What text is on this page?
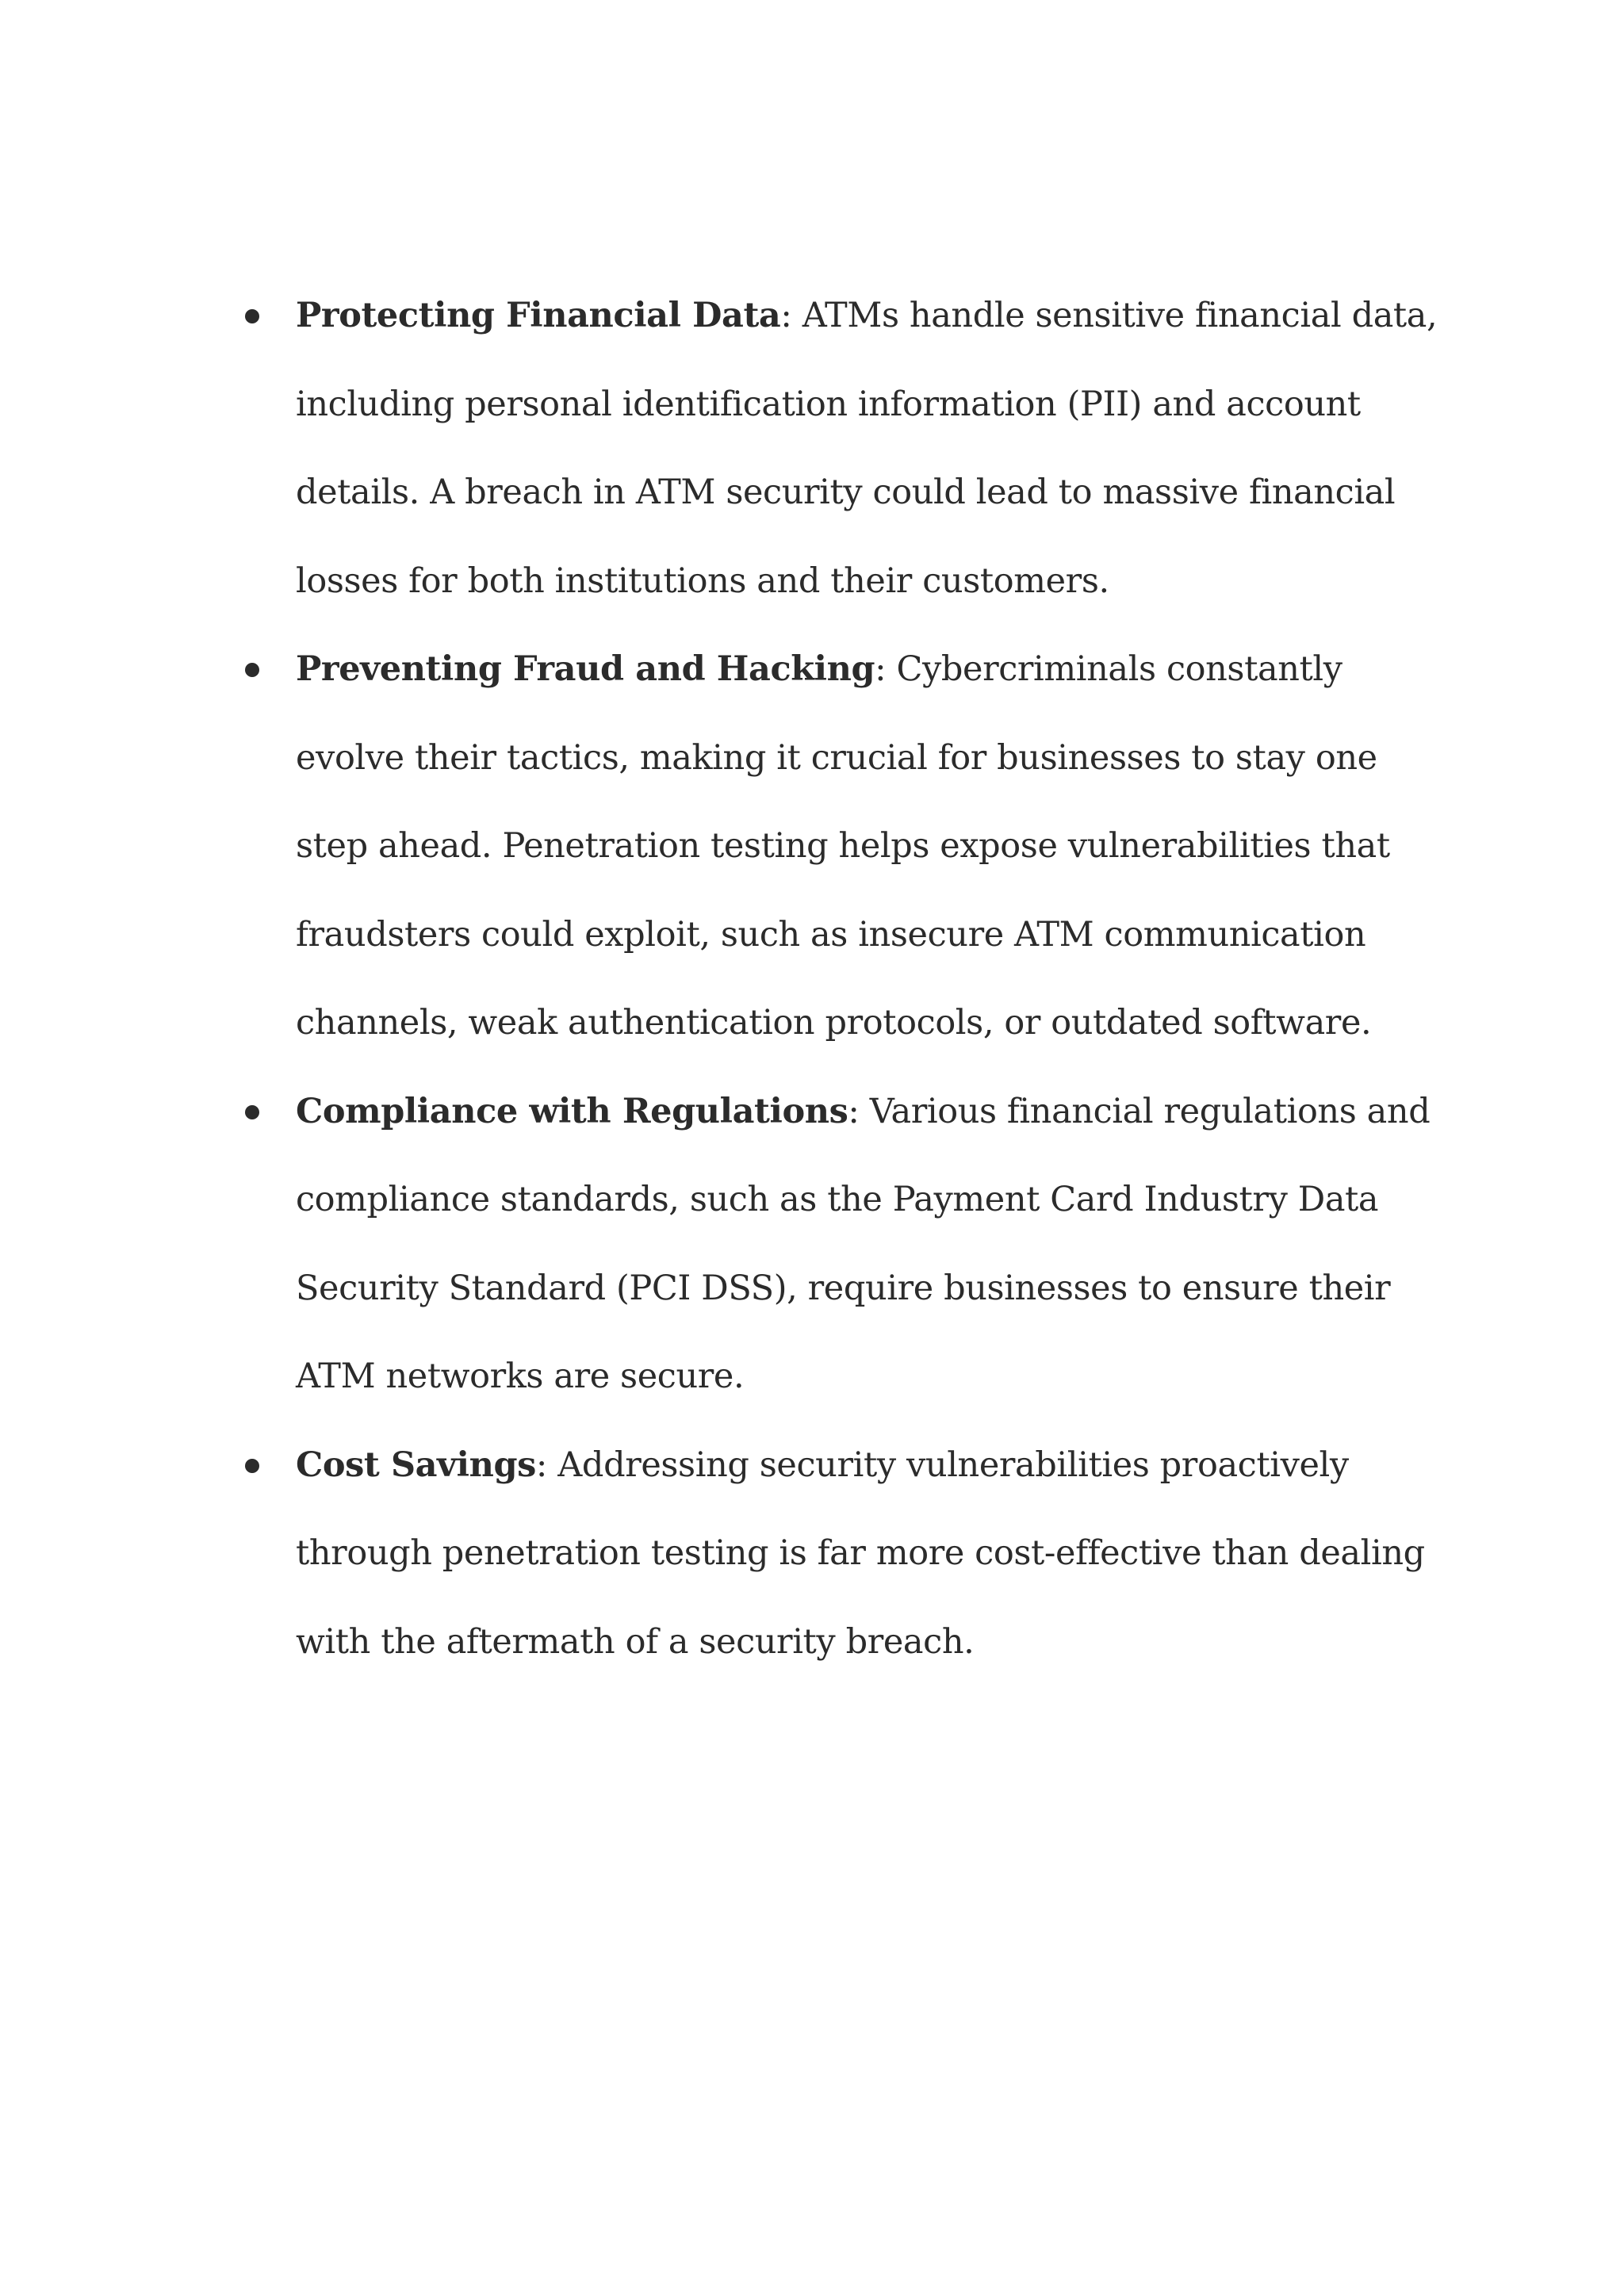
Protecting Financial Data: ATMs handle sensitive financial data, including personal identification information (PII) and account details. A breach in ATM security could lead to massive financial losses for both institutions and their customers.
Preventing Fraud and Hacking: Cybercriminals constantly evolve their tactics, making it crucial for businesses to stay one step ahead. Penetration testing helps expose vulnerabilities that fraudsters could exploit, such as insecure ATM communication channels, weak authentication protocols, or outdated software.
Compliance with Regulations: Various financial regulations and compliance standards, such as the Payment Card Industry Data Security Standard (PCI DSS), require businesses to ensure their ATM networks are secure.
Cost Savings: Addressing security vulnerabilities proactively through penetration testing is far more cost-effective than dealing with the aftermath of a security breach.
